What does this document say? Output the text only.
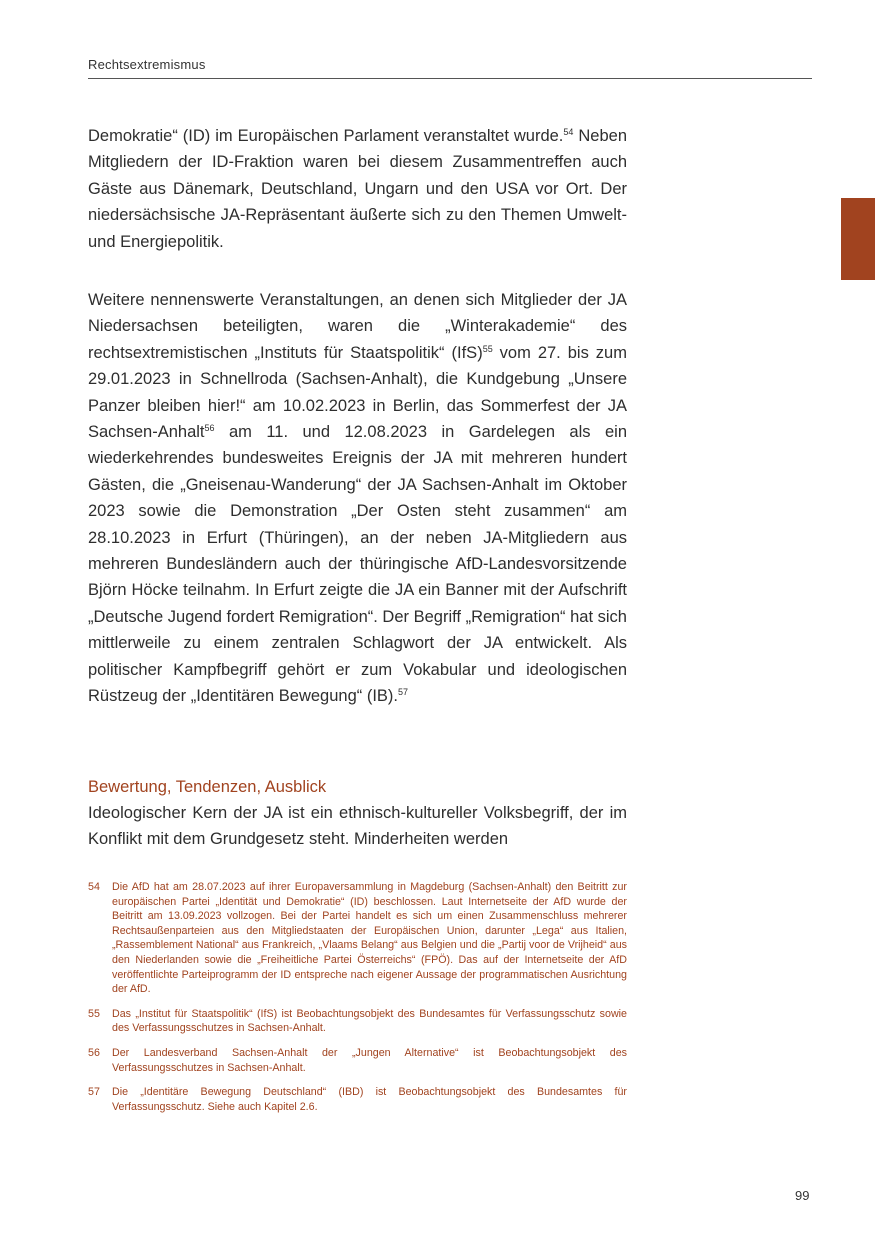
Rechtsextremismus

Demokratie“ (ID) im Europäischen Parlament veranstaltet wurde.$^{54}$ Neben Mitgliedern der ID-Fraktion waren bei diesem Zusammentreffen auch Gäste aus Dänemark, Deutschland, Ungarn und den USA vor Ort. Der niedersächsische JA-Repräsentant äußerte sich zu den Themen Umwelt- und Energiepolitik.

Weitere nennenswerte Veranstaltungen, an denen sich Mitglieder der JA Niedersachsen beteiligten, waren die „Winterakademie“ des rechtsextremistischen „Instituts für Staatspolitik“ (IfS)$^{55}$ vom 27. bis zum 29.01.2023 in Schnellroda (Sachsen-Anhalt), die Kundgebung „Unsere Panzer bleiben hier!“ am 10.02.2023 in Berlin, das Sommerfest der JA Sachsen-Anhalt$^{56}$ am 11. und 12.08.2023 in Gardelegen als ein wiederkehrendes bundesweites Ereignis der JA mit mehreren hundert Gästen, die „Gneisenau-Wanderung“ der JA Sachsen-Anhalt im Oktober 2023 sowie die Demonstration „Der Osten steht zusammen“ am 28.10.2023 in Erfurt (Thüringen), an der neben JA-Mitgliedern aus mehreren Bundesländern auch der thüringische AfD-Landesvorsitzende Björn Höcke teilnahm. In Erfurt zeigte die JA ein Banner mit der Aufschrift „Deutsche Jugend fordert Remigration“. Der Begriff „Remigration“ hat sich mittlerweile zu einem zentralen Schlagwort der JA entwickelt. Als politischer Kampfbegriff gehört er zum Vokabular und ideologischen Rüstzeug der „Identitären Bewegung“ (IB).$^{57}$

Bewertung, Tendenzen, Ausblick

Ideologischer Kern der JA ist ein ethnisch-kultureller Volksbegriff, der im Konflikt mit dem Grundgesetz steht. Minderheiten werden

54	Die AfD hat am 28.07.2023 auf ihrer Europaversammlung in Magdeburg (Sachsen-Anhalt) den Beitritt zur europäischen Partei „Identität und Demokratie“ (ID) beschlossen. Laut Internetseite der AfD wurde der Beitritt am 13.09.2023 vollzogen. Bei der Partei handelt es sich um einen Zusammenschluss mehrerer Rechtsaußenparteien aus den Mitgliedstaaten der Europäischen Union, darunter „Lega“ aus Italien, „Rassemblement National“ aus Frankreich, „Vlaams Belang“ aus Belgien und die „Partij voor de Vrijheid“ aus den Niederlanden sowie die „Freiheitliche Partei Österreichs“ (FPÖ). Das auf der Internetseite der AfD veröffentlichte Parteiprogramm der ID entspreche nach eigener Aussage der programmatischen Ausrichtung der AfD.
55	Das „Institut für Staatspolitik“ (IfS) ist Beobachtungsobjekt des Bundesamtes für Verfassungsschutz sowie des Verfassungsschutzes in Sachsen-Anhalt.
56	Der Landesverband Sachsen-Anhalt der „Jungen Alternative“ ist Beobachtungsobjekt des Verfassungsschutzes in Sachsen-Anhalt.
57	Die „Identitäre Bewegung Deutschland“ (IBD) ist Beobachtungsobjekt des Bundesamtes für Verfassungsschutz. Siehe auch Kapitel 2.6.
99
